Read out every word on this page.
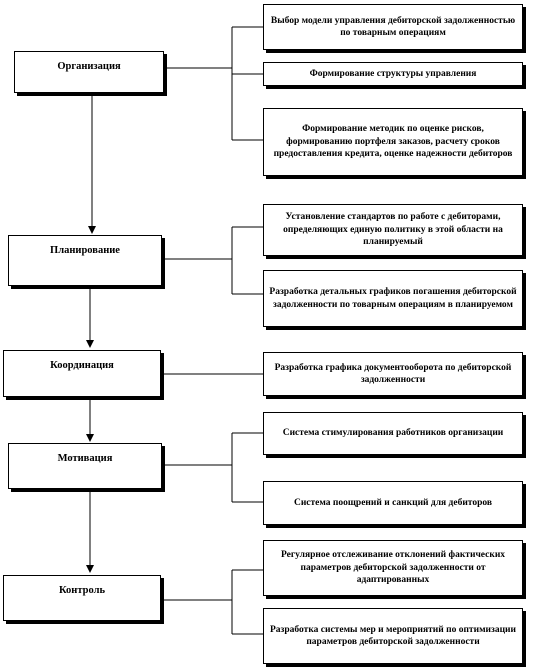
Организация
Планирование
Координация
Мотивация
Контроль
Выбор модели управления дебиторской задолженностью по товарным операциям
Формирование структуры управления
Формирование методик по оценке рисков, формированию портфеля заказов, расчету сроков предоставления кредита, оценке надежности дебиторов
Установление стандартов по работе с дебиторами, определяющих единую политику в этой области на планируемый
Разработка детальных графиков погашения дебиторской задолженности по товарным операциям в планируемом
Разработка графика документооборота по дебиторской задолженности
Система стимулирования работников организации
Система поощрений и санкций для дебиторов
Регулярное отслеживание отклонений фактических параметров дебиторской задолженности от адаптированных
Разработка системы мер и мероприятий по оптимизации параметров дебиторской задолженности
